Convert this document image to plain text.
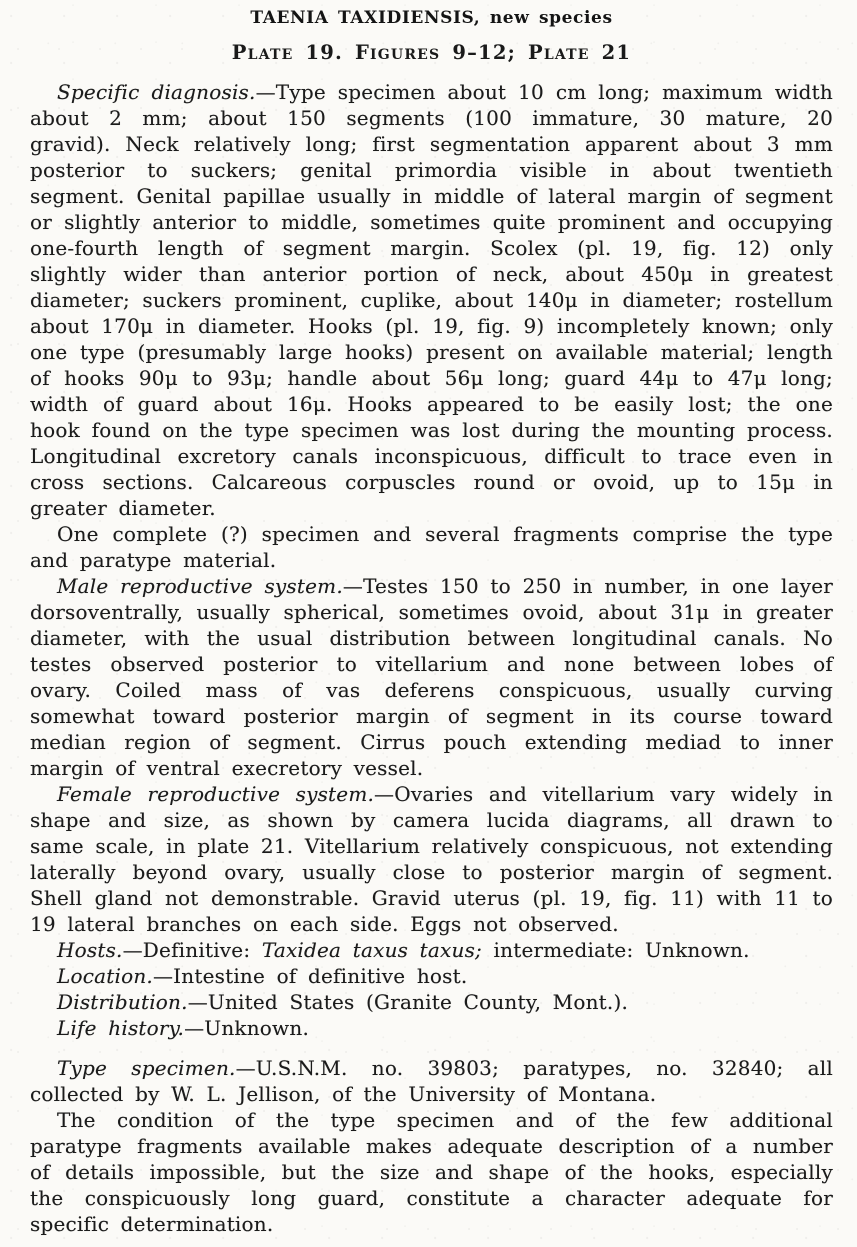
TAENIA TAXIDIENSIS, new species
Plate 19. Figures 9–12; Plate 21

Specific diagnosis.—Type specimen about 10 cm long; maximum width about 2 mm; about 150 segments (100 immature, 30 mature, 20 gravid). Neck relatively long; first segmentation apparent about 3 mm posterior to suckers; genital primordia visible in about twentieth segment. Genital papillae usually in middle of lateral margin of segment or slightly anterior to middle, sometimes quite prominent and occupying one-fourth length of segment margin. Scolex (pl. 19, fig. 12) only slightly wider than anterior portion of neck, about 450μ in greatest diameter; suckers prominent, cuplike, about 140μ in diameter; rostellum about 170μ in diameter. Hooks (pl. 19, fig. 9) incompletely known; only one type (presumably large hooks) present on available material; length of hooks 90μ to 93μ; handle about 56μ long; guard 44μ to 47μ long; width of guard about 16μ. Hooks appeared to be easily lost; the one hook found on the type specimen was lost during the mounting process. Longitudinal excretory canals inconspicuous, difficult to trace even in cross sections. Calcareous corpuscles round or ovoid, up to 15μ in greater diameter.

One complete (?) specimen and several fragments comprise the type and paratype material.

Male reproductive system.—Testes 150 to 250 in number, in one layer dorsoventrally, usually spherical, sometimes ovoid, about 31μ in greater diameter, with the usual distribution between longitudinal canals. No testes observed posterior to vitellarium and none between lobes of ovary. Coiled mass of vas deferens conspicuous, usually curving somewhat toward posterior margin of segment in its course toward median region of segment. Cirrus pouch extending mediad to inner margin of ventral execretory vessel.

Female reproductive system.—Ovaries and vitellarium vary widely in shape and size, as shown by camera lucida diagrams, all drawn to same scale, in plate 21. Vitellarium relatively conspicuous, not extending laterally beyond ovary, usually close to posterior margin of segment. Shell gland not demonstrable. Gravid uterus (pl. 19, fig. 11) with 11 to 19 lateral branches on each side. Eggs not observed.

Hosts.—Definitive: Taxidea taxus taxus; intermediate: Unknown.

Location.—Intestine of definitive host.

Distribution.—United States (Granite County, Mont.).

Life history.—Unknown.

Type specimen.—U.S.N.M. no. 39803; paratypes, no. 32840; all collected by W. L. Jellison, of the University of Montana.

The condition of the type specimen and of the few additional paratype fragments available makes adequate description of a number of details impossible, but the size and shape of the hooks, especially the conspicuously long guard, constitute a character adequate for specific determination.
